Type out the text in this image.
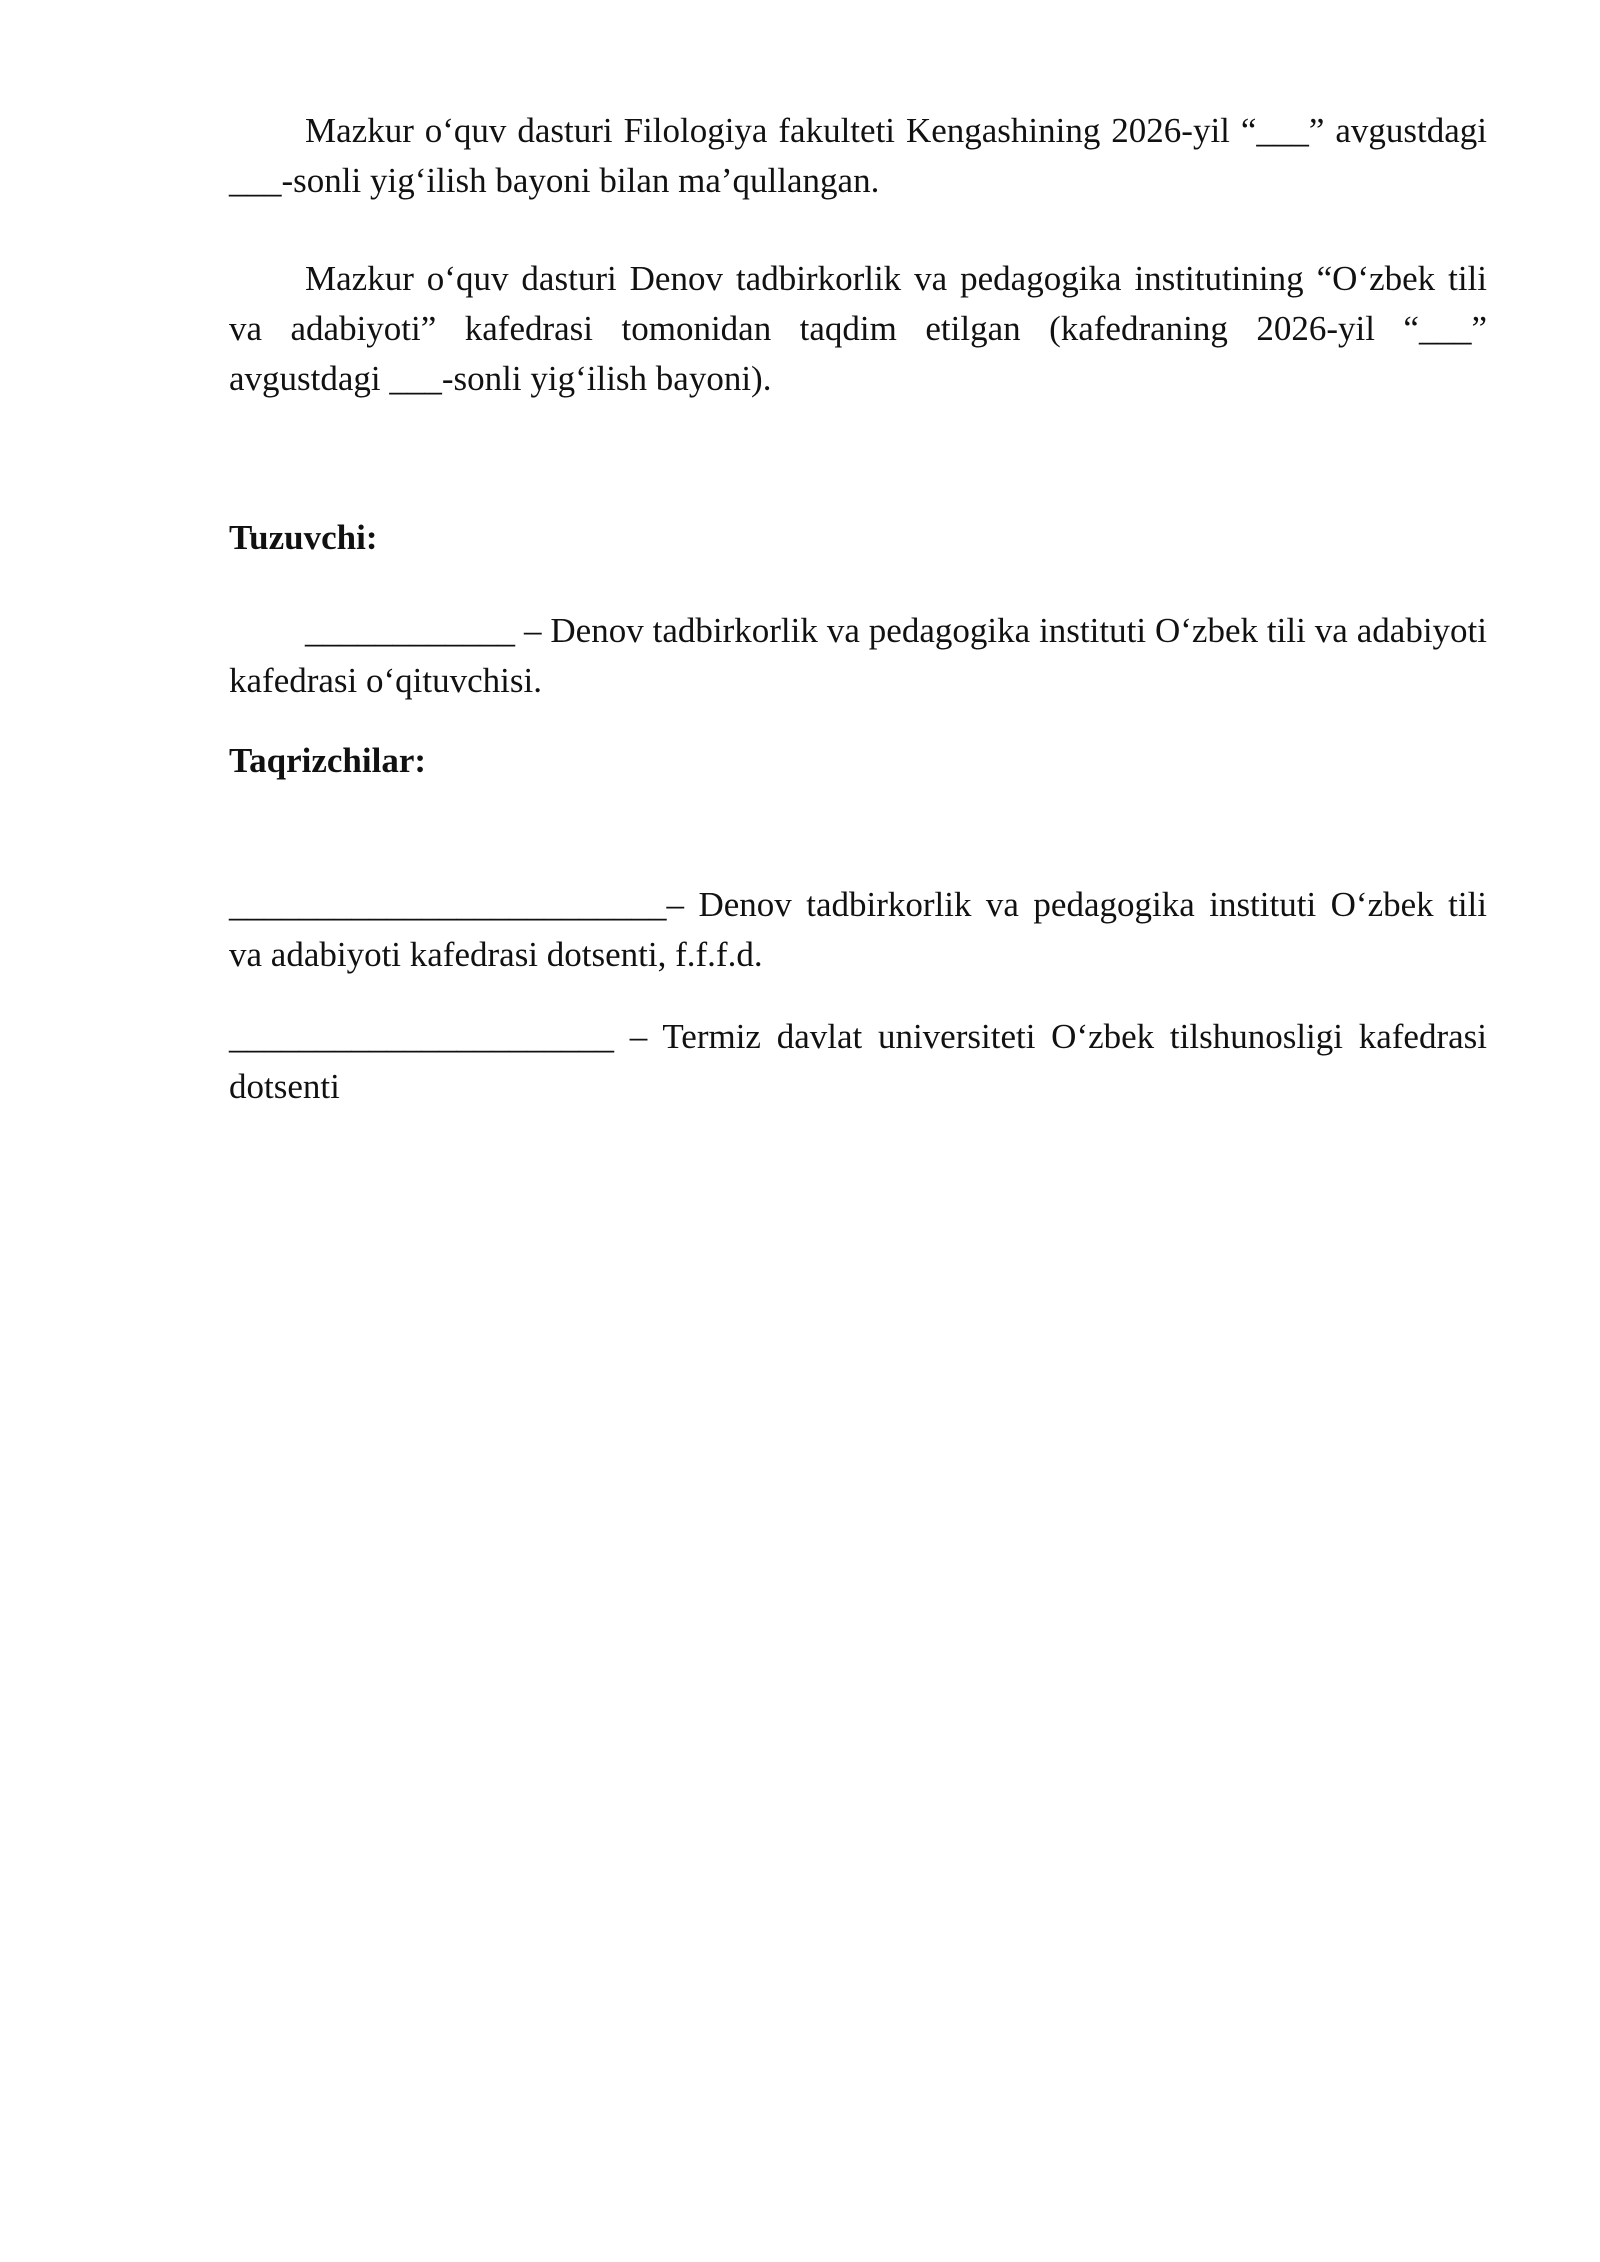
Mazkur o‘quv dasturi Filologiya fakulteti Kengashining 2026-yil “___” avgustdagi ___-sonli yig‘ilish bayoni bilan ma’qullangan.

Mazkur o‘quv dasturi Denov tadbirkorlik va pedagogika institutining “O‘zbek tili va adabiyoti” kafedrasi tomonidan taqdim etilgan (kafedraning 2026-yil “___” avgustdagi ___-sonli yig‘ilish bayoni).

Tuzuvchi:

____________ – Denov tadbirkorlik va pedagogika instituti O‘zbek tili va adabiyoti kafedrasi o‘qituvchisi.

Taqrizchilar:

_________________________– Denov tadbirkorlik va pedagogika instituti O‘zbek tili va adabiyoti kafedrasi dotsenti, f.f.f.d.

______________________ – Termiz davlat universiteti O‘zbek tilshunosligi kafedrasi dotsenti
